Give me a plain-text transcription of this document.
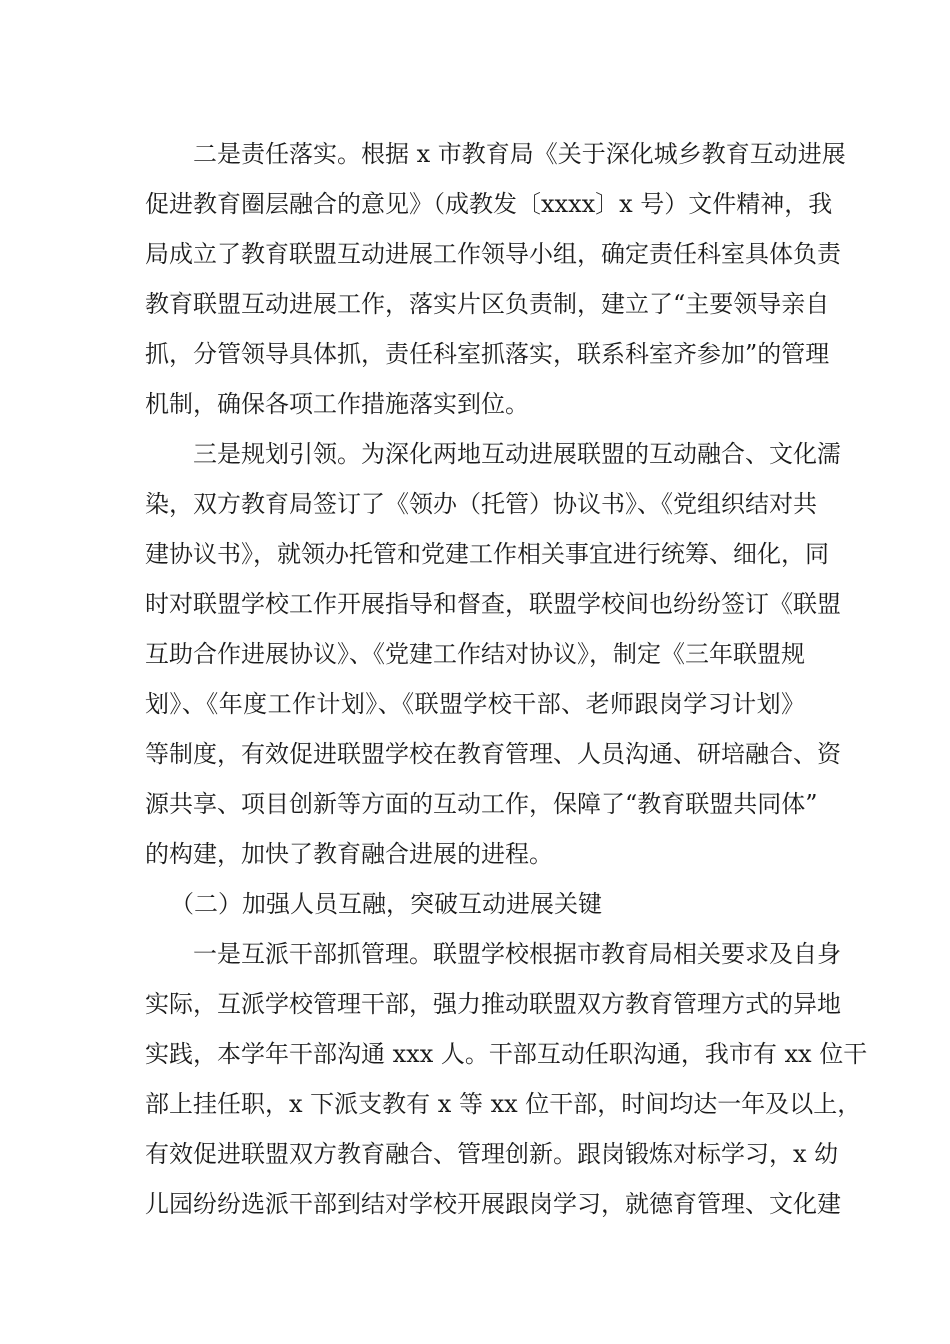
二是责任落实。根据 x 市教育局《关于深化城乡教育互动进展
促进教育圈层融合的意见》（成教发〔xxxx〕x 号）文件精神，我
局成立了教育联盟互动进展工作领导小组，确定责任科室具体负责
教育联盟互动进展工作，落实片区负责制，建立了“主要领导亲自
抓，分管领导具体抓，责任科室抓落实，联系科室齐参加”的管理
机制，确保各项工作措施落实到位。
三是规划引领。为深化两地互动进展联盟的互动融合、文化濡
染，双方教育局签订了《领办（托管）协议书》、《党组织结对共
建协议书》，就领办托管和党建工作相关事宜进行统筹、细化，同
时对联盟学校工作开展指导和督查，联盟学校间也纷纷签订《联盟
互助合作进展协议》、《党建工作结对协议》，制定《三年联盟规
划》、《年度工作计划》、《联盟学校干部、老师跟岗学习计划》
等制度，有效促进联盟学校在教育管理、人员沟通、研培融合、资
源共享、项目创新等方面的互动工作，保障了“教育联盟共同体”
的构建，加快了教育融合进展的进程。
（二）加强人员互融，突破互动进展关键
一是互派干部抓管理。联盟学校根据市教育局相关要求及自身
实际，互派学校管理干部，强力推动联盟双方教育管理方式的异地
实践，本学年干部沟通 xxx 人。干部互动任职沟通，我市有 xx 位干
部上挂任职，x 下派支教有 x 等 xx 位干部，时间均达一年及以上，
有效促进联盟双方教育融合、管理创新。跟岗锻炼对标学习，x 幼
儿园纷纷选派干部到结对学校开展跟岗学习，就德育管理、文化建
